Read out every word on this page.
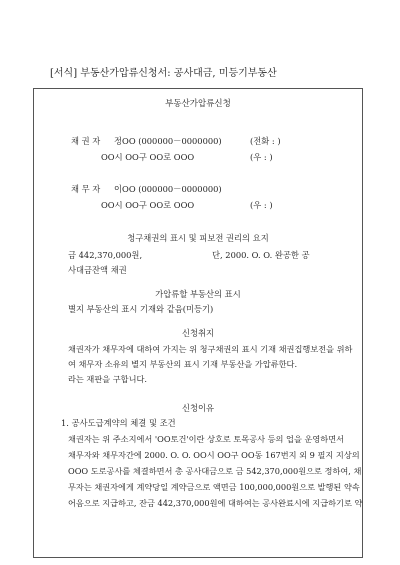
[서식] 부동산가압류신청서: 공사대금, 미등기부동산
부동산가압류신청
채 권 자 정OO (000000－0000000)	(전화 : )
OO시 OO구 OO로 OOO	(우 : )
채 무 자 이OO (000000－0000000)
OO시 OO구 OO로 OOO	(우 : )
청구채권의 표시 및 피보전 권리의 요지
금 442,370,000원,	단, 2000. O. O. 완공한 공
사대금잔액 채권
가압류할 부동산의 표시
별지 부동산의 표시 기재와 같음(미등기)
신청취지
채권자가 채무자에 대하여 가지는 위 청구채권의 표시 기재 채권집행보전을 위하
여 채무자 소유의 별지 부동산의 표시 기재 부동산을 가압류한다.
라는 재판을 구합니다.
신청이유
1. 공사도급계약의 체결 및 조건
채권자는 위 주소지에서 'OO토건'이란 상호로 토목공사 등의 업을 운영하면서
채무자와 채무자간에 2000. O. O. OO시 OO구 OO동 167번지 외 9 필지 지상의
OOO 도로공사를 체결하면서 총 공사대금으로 금 542,370,000원으로 정하여, 채
무자는 채권자에게 계약당일 계약금으로 액면금 100,000,000원으로 발행된 약속
어음으로 지급하고, 잔금 442,370,000원에 대하여는 공사완료시에 지급하기로 약
